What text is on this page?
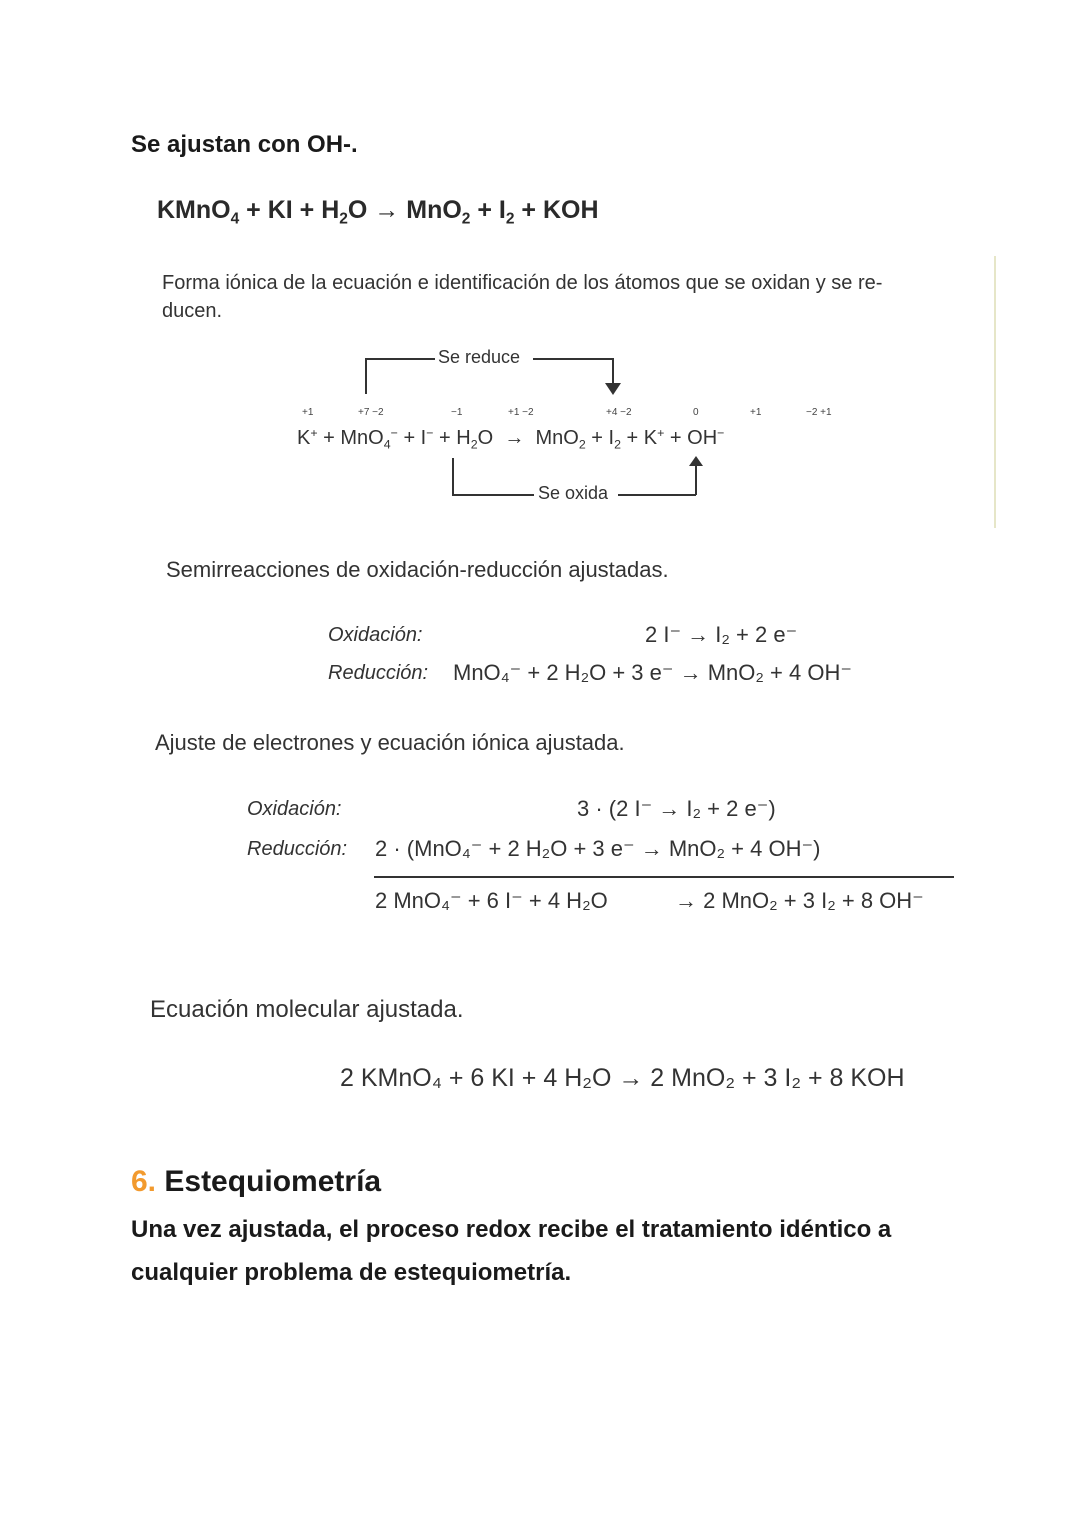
Se ajustan con OH-.
KMnO$_4$ + KI + $H_2O \to MnO_2 + I_2$ + KOH
Forma iónica de la ecuación e identificación de los átomos que se oxidan y se re-
ducen.
Se reduce
+1	+7 −2	−1	+1 −2	+4 −2	0	+1	−2 +1
$K^+ + MnO_4^- + I^- + H_2O \to MnO_2 + I_2 + K^+ + OH^-$
Se oxida
Semirreacciones de oxidación-reducción ajustadas.
Oxidación:	2 I⁻ → I₂ + 2 e⁻
Reducción: MnO₄⁻ + 2 H₂O + 3 e⁻ → MnO₂ + 4 OH⁻
Ajuste de electrones y ecuación iónica ajustada.
Oxidación:	3 · (2 I⁻ → I₂ + 2 e⁻)
Reducción: 2 · (MnO₄⁻ + 2 H₂O + 3 e⁻ → MnO₂ + 4 OH⁻)
2 MnO₄⁻ + 6 I⁻ + 4 H₂O	→ 2 MnO₂ + 3 I₂ + 8 OH⁻
Ecuación molecular ajustada.
2 KMnO₄ + 6 KI + 4 H₂O → 2 MnO₂ + 3 I₂ + 8 KOH
6. Estequiometría
Una vez ajustada, el proceso redox recibe el tratamiento idéntico a
cualquier problema de estequiometría.
